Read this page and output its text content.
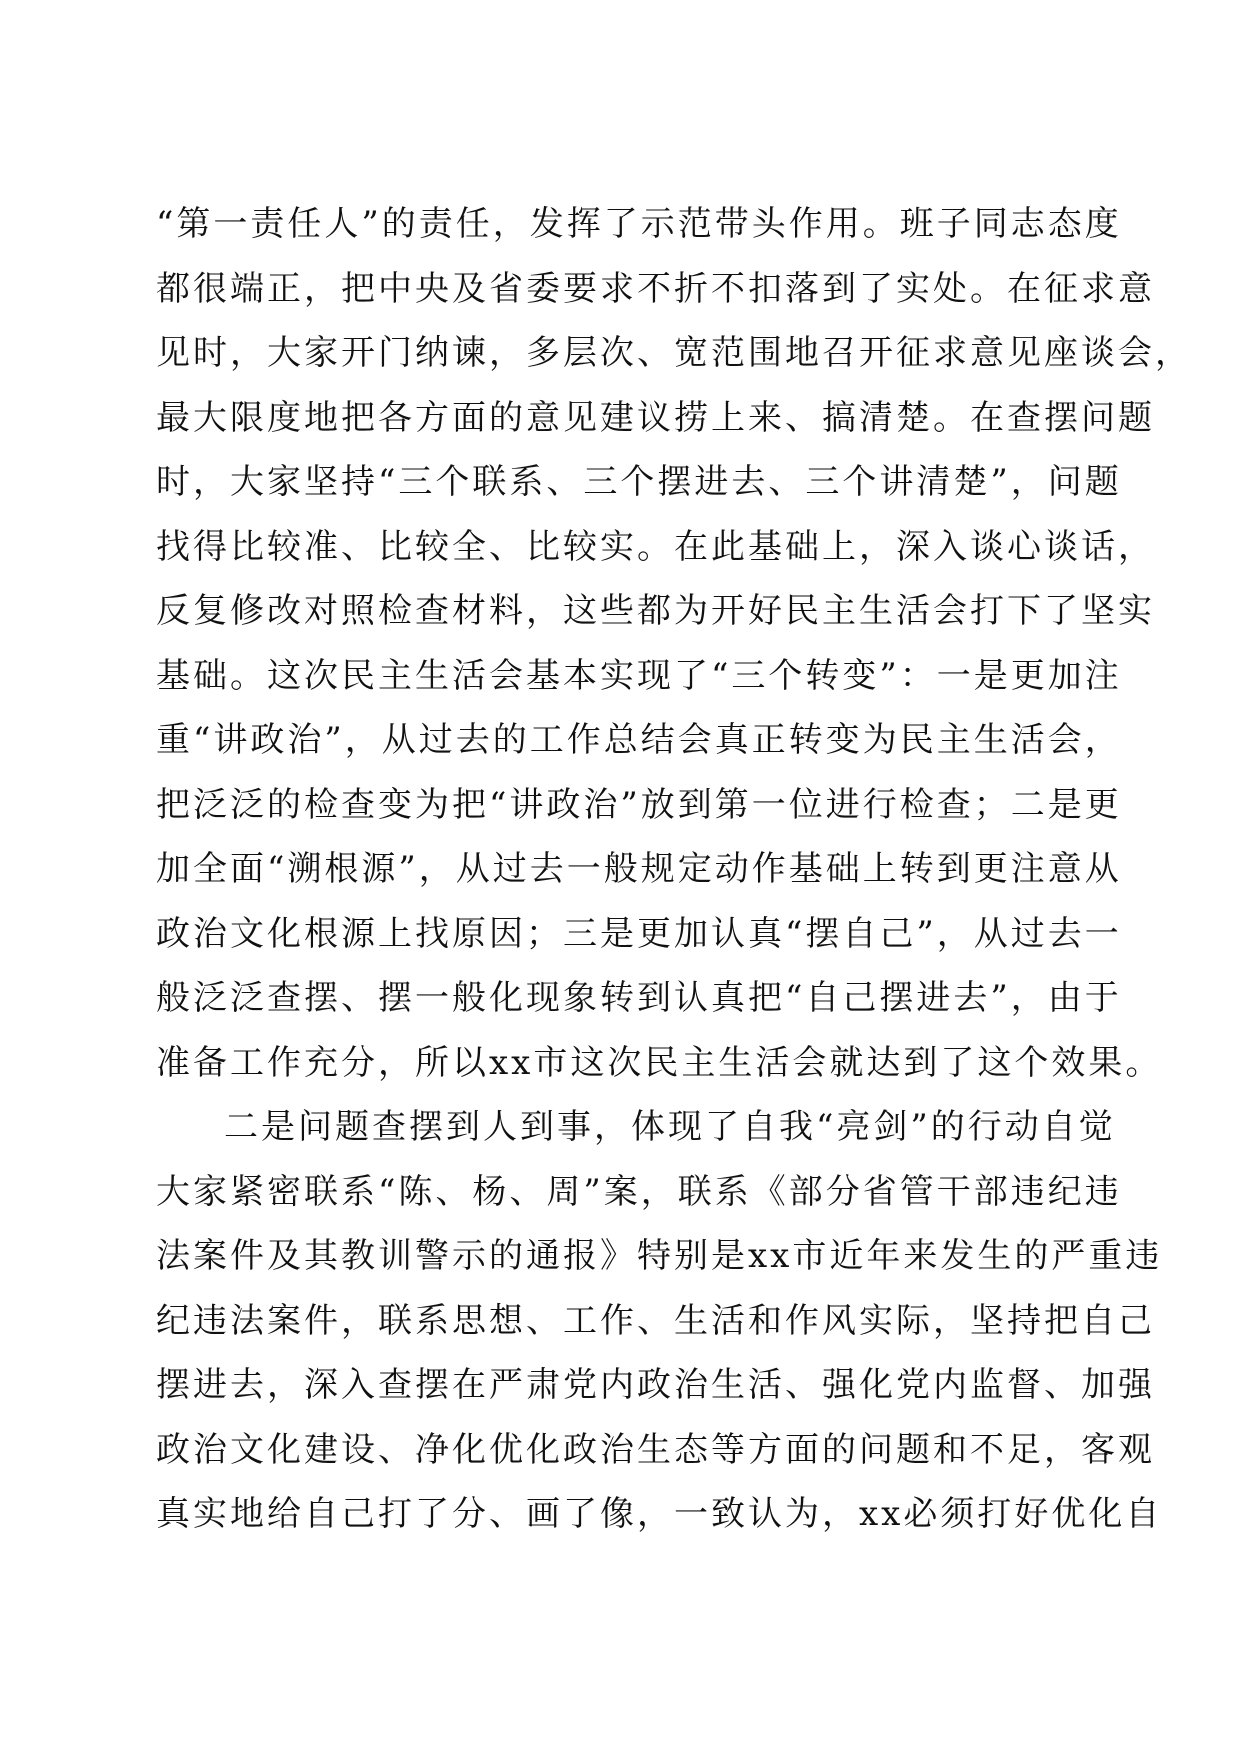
“第一责任人”的责任，发挥了示范带头作用。班子同志态度
都很端正，把中央及省委要求不折不扣落到了实处。在征求意
见时，大家开门纳谏，多层次、宽范围地召开征求意见座谈会，
最大限度地把各方面的意见建议捞上来、搞清楚。在查摆问题
时，大家坚持“三个联系、三个摆进去、三个讲清楚”，问题
找得比较准、比较全、比较实。在此基础上，深入谈心谈话，
反复修改对照检查材料，这些都为开好民主生活会打下了坚实
基础。这次民主生活会基本实现了“三个转变”：一是更加注
重“讲政治”，从过去的工作总结会真正转变为民主生活会，
把泛泛的检查变为把“讲政治”放到第一位进行检查；二是更
加全面“溯根源”，从过去一般规定动作基础上转到更注意从
政治文化根源上找原因；三是更加认真“摆自己”，从过去一
般泛泛查摆、摆一般化现象转到认真把“自己摆进去”，由于
准备工作充分，所以xx市这次民主生活会就达到了这个效果。
二是问题查摆到人到事，体现了自我“亮剑”的行动自觉
大家紧密联系“陈、杨、周”案，联系《部分省管干部违纪违
法案件及其教训警示的通报》特别是xx市近年来发生的严重违
纪违法案件，联系思想、工作、生活和作风实际，坚持把自己
摆进去，深入查摆在严肃党内政治生活、强化党内监督、加强
政治文化建设、净化优化政治生态等方面的问题和不足，客观
真实地给自己打了分、画了像，一致认为，xx必须打好优化自
